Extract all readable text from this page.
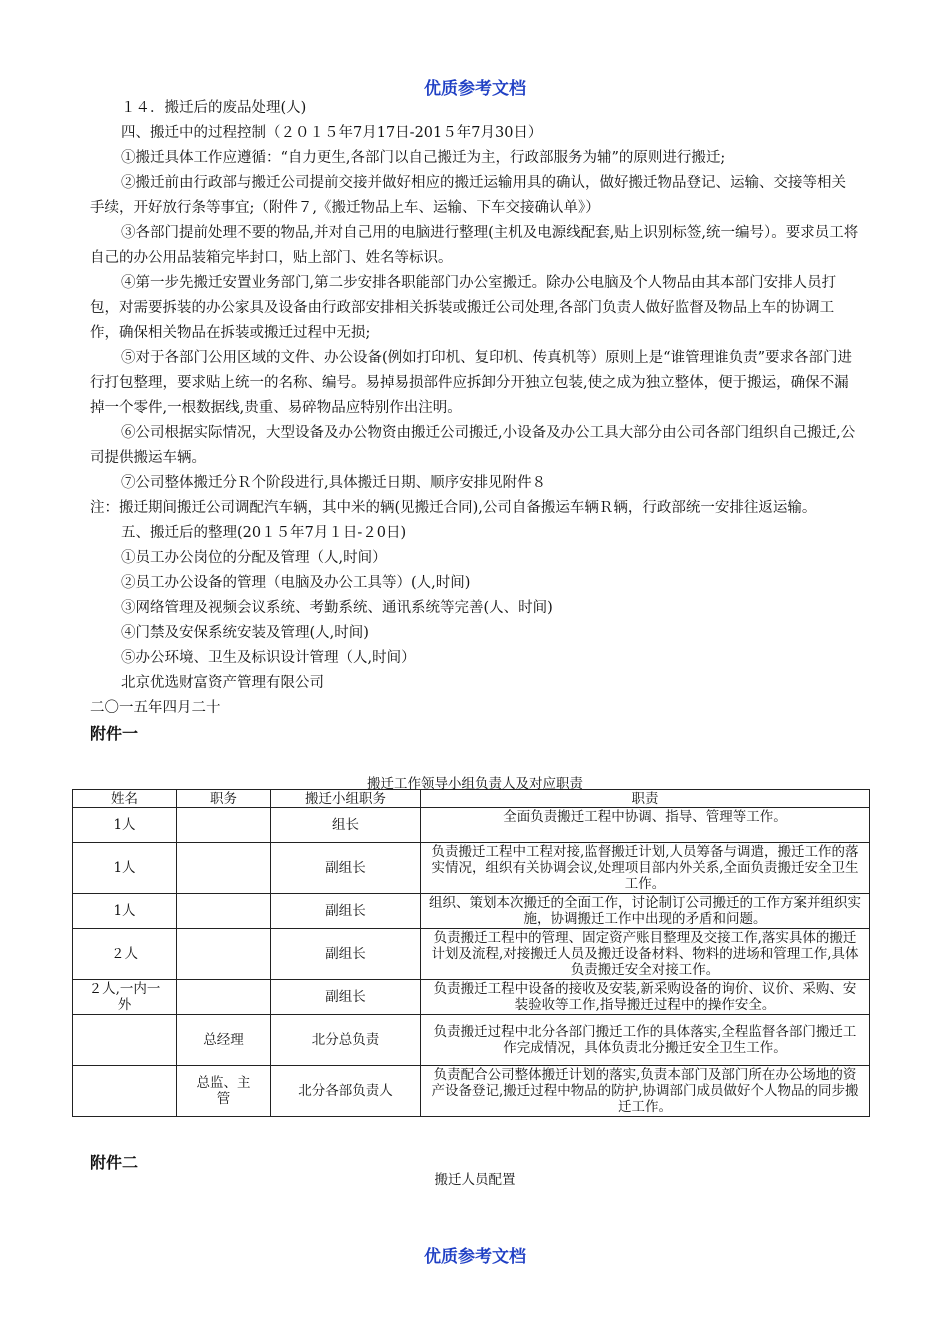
优质参考文档

１４．搬迁后的废品处理(人)

四、搬迁中的过程控制（２０１５年7月17日-201５年7月30日）

①搬迁具体工作应遵循：“自力更生,各部门以自己搬迁为主，行政部服务为辅”的原则进行搬迁;

②搬迁前由行政部与搬迁公司提前交接并做好相应的搬迁运输用具的确认，做好搬迁物品登记、运输、交接等相关手续，开好放行条等事宜;（附件７,《搬迁物品上车、运输、下车交接确认单》）

③各部门提前处理不要的物品,并对自己用的电脑进行整理(主机及电源线配套,贴上识别标签,统一编号）。要求员工将自己的办公用品装箱完毕封口，贴上部门、姓名等标识。

④第一步先搬迁安置业务部门,第二步安排各职能部门办公室搬迁。除办公电脑及个人物品由其本部门安排人员打包，对需要拆装的办公家具及设备由行政部安排相关拆装或搬迁公司处理,各部门负责人做好监督及物品上车的协调工作，确保相关物品在拆装或搬迁过程中无损;

⑤对于各部门公用区域的文件、办公设备(例如打印机、复印机、传真机等）原则上是“谁管理谁负责”要求各部门进行打包整理，要求贴上统一的名称、编号。易掉易损部件应拆卸分开独立包装,使之成为独立整体，便于搬运，确保不漏掉一个零件,一根数据线,贵重、易碎物品应特别作出注明。

⑥公司根据实际情况，大型设备及办公物资由搬迁公司搬迁,小设备及办公工具大部分由公司各部门组织自己搬迁,公司提供搬运车辆。

⑦公司整体搬迁分Ｒ个阶段进行,具体搬迁日期、顺序安排见附件８

注：搬迁期间搬迁公司调配汽车辆，其中米的辆(见搬迁合同),公司自备搬运车辆Ｒ辆，行政部统一安排往返运输。

五、搬迁后的整理(20１５年7月１日-２0日)

①员工办公岗位的分配及管理（人,时间）

②员工办公设备的管理（电脑及办公工具等）(人,时间)

③网络管理及视频会议系统、考勤系统、通讯系统等完善(人、时间)

④门禁及安保系统安装及管理(人,时间)

⑤办公环境、卫生及标识设计管理（人,时间）

北京优选财富资产管理有限公司

二〇一五年四月二十

附件一

搬迁工作领导小组负责人及对应职责
姓名	职务	搬迁小组职务	职责
1人		组长	全面负责搬迁工程中协调、指导、管理等工作。
1人		副组长	负责搬迁工程中工程对接,监督搬迁计划,人员筹备与调遣，搬迁工作的落实情况，组织有关协调会议,处理项目部内外关系,全面负责搬迁安全卫生工作。
1人		副组长	组织、策划本次搬迁的全面工作，讨论制订公司搬迁的工作方案并组织实施，协调搬迁工作中出现的矛盾和问题。
２人		副组长	负责搬迁工程中的管理、固定资产账目整理及交接工作,落实具体的搬迁计划及流程,对接搬迁人员及搬迁设备材料、物料的进场和管理工作,具体负责搬迁安全对接工作。
２人,一内一外		副组长	负责搬迁工程中设备的接收及安装,新采购设备的询价、议价、采购、安装验收等工作,指导搬迁过程中的操作安全。
	总经理	北分总负责	负责搬迁过程中北分各部门搬迁工作的具体落实,全程监督各部门搬迁工作完成情况，具体负责北分搬迁安全卫生工作。
	总监、主管	北分各部负责人	负责配合公司整体搬迁计划的落实,负责本部门及部门所在办公场地的资产设备登记,搬迁过程中物品的防护,协调部门成员做好个人物品的同步搬迁工作。
附件二
搬迁人员配置
优质参考文档
